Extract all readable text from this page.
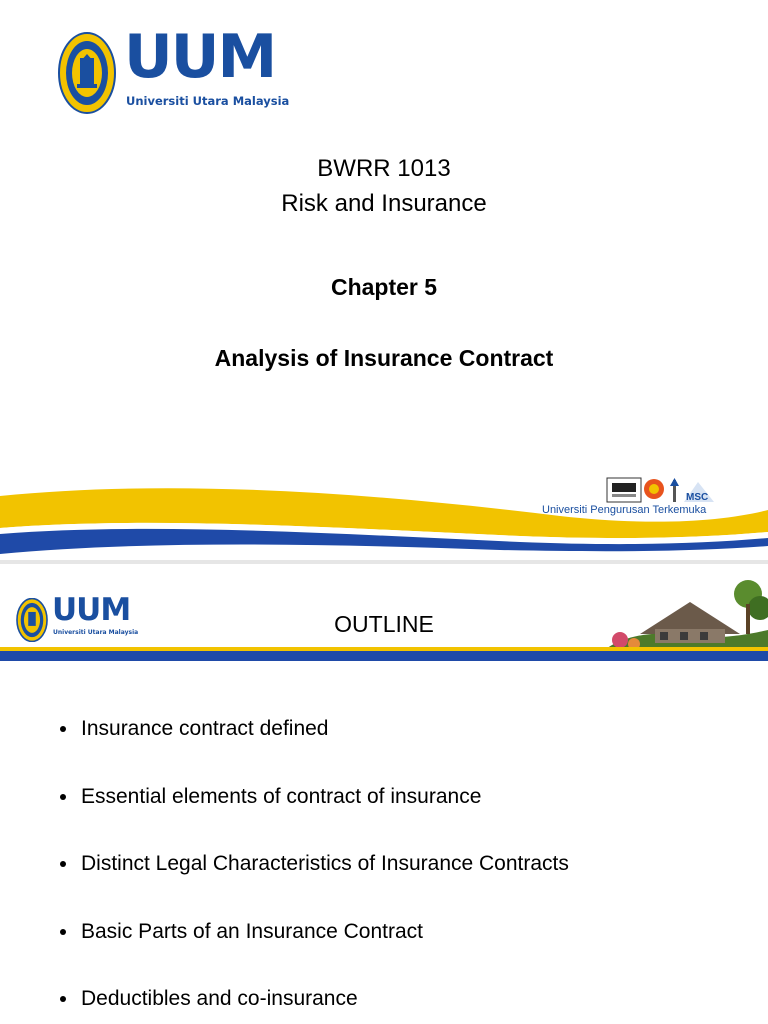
UUM
Universiti Utara Malaysia
BWRR 1013
Risk and Insurance
Chapter 5
Analysis of Insurance Contract
MSC
Universiti Pengurusan Terkemuka
UUM
Universiti Utara Malaysia	OUTLINE
Insurance contract defined
Essential elements of contract of insurance
Distinct Legal Characteristics of Insurance Contracts
Basic Parts of an Insurance Contract
Deductibles and co-insurance
